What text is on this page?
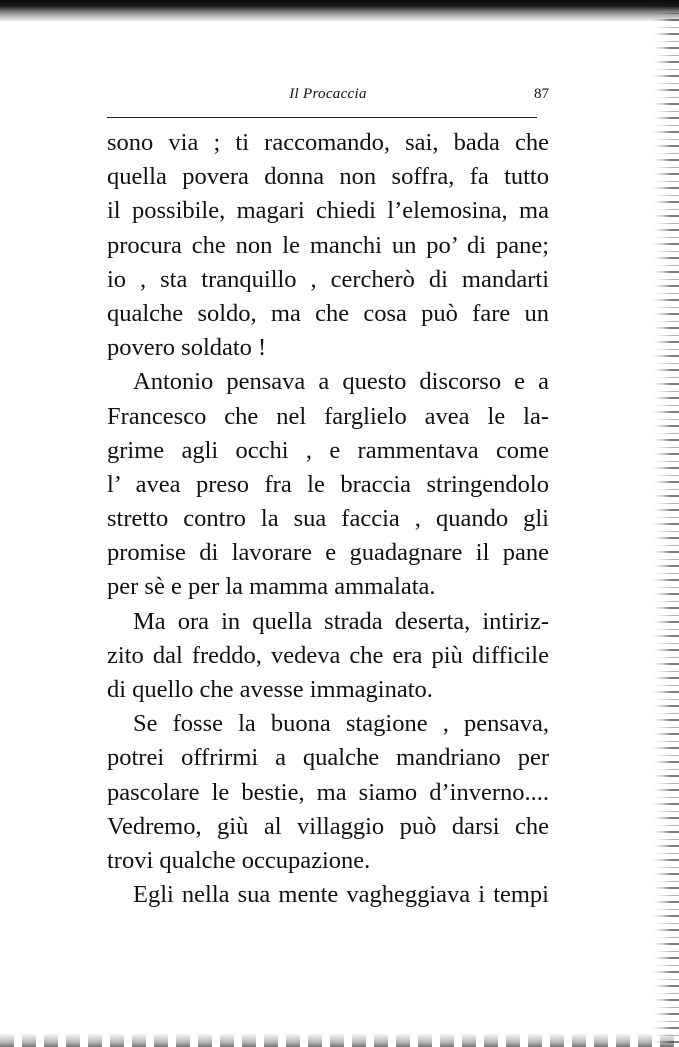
Il Procaccia	87
sono via ; ti raccomando, sai, bada che
quella povera donna non soffra, fa tutto
il possibile, magari chiedi l’elemosina, ma
procura che non le manchi un po’ di pane;
io , sta tranquillo , cercherò di mandarti
qualche soldo, ma che cosa può fare un
povero soldato !
Antonio pensava a questo discorso e a
Francesco che nel farglielo avea le la-
grime agli occhi , e rammentava come
l’ avea preso fra le braccia stringendolo
stretto contro la sua faccia , quando gli
promise di lavorare e guadagnare il pane
per sè e per la mamma ammalata.
Ma ora in quella strada deserta, intiriz-
zito dal freddo, vedeva che era più difficile
di quello che avesse immaginato.
Se fosse la buona stagione , pensava,
potrei offrirmi a qualche mandriano per
pascolare le bestie, ma siamo d’inverno....
Vedremo, giù al villaggio può darsi che
trovi qualche occupazione.
Egli nella sua mente vagheggiava i tempi
